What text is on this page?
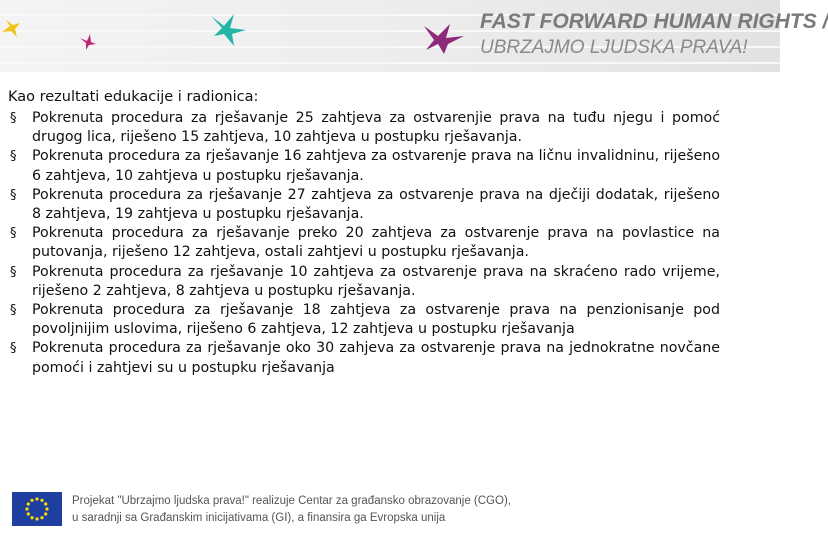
FAST FORWARD HUMAN RIGHTS /
UBRZAJMO LJUDSKA PRAVA!
Kao rezultati edukacije i radionica:
§ Pokrenuta procedura za rješavanje 25 zahtjeva za ostvarenjie prava na tuđu njegu i pomoć drugog lica, riješeno 15 zahtjeva, 10 zahtjeva u postupku rješavanja.
§ Pokrenuta procedura za rješavanje 16 zahtjeva za ostvarenje prava na ličnu invalidninu, riješeno 6 zahtjeva, 10 zahtjeva u postupku rješavanja.
§ Pokrenuta procedura za rješavanje 27 zahtjeva za ostvarenje prava na dječiji dodatak, riješeno 8 zahtjeva, 19 zahtjeva u postupku rješavanja.
§ Pokrenuta procedura za rješavanje preko 20 zahtjeva za ostvarenje prava na povlastice na putovanja, riješeno 12 zahtjeva, ostali zahtjevi u postupku rješavanja.
§ Pokrenuta procedura za rješavanje 10 zahtjeva za ostvarenje prava na skraćeno rado vrijeme, riješeno 2 zahtjeva, 8 zahtjeva u postupku rješavanja.
§ Pokrenuta procedura za rješavanje 18 zahtjeva za ostvarenje prava na penzionisanje pod povoljnijim uslovima, riješeno 6 zahtjeva, 12 zahtjeva u postupku rješavanja
§ Pokrenuta procedura za rješavanje oko 30 zahjeva za ostvarenje prava na jednokratne novčane pomoći i zahtjevi su u postupku rješavanja
Projekat "Ubrzajmo ljudska prava!" realizuje Centar za građansko obrazovanje (CGO),
u saradnji sa Građanskim inicijativama (GI), a finansira ga Evropska unija
